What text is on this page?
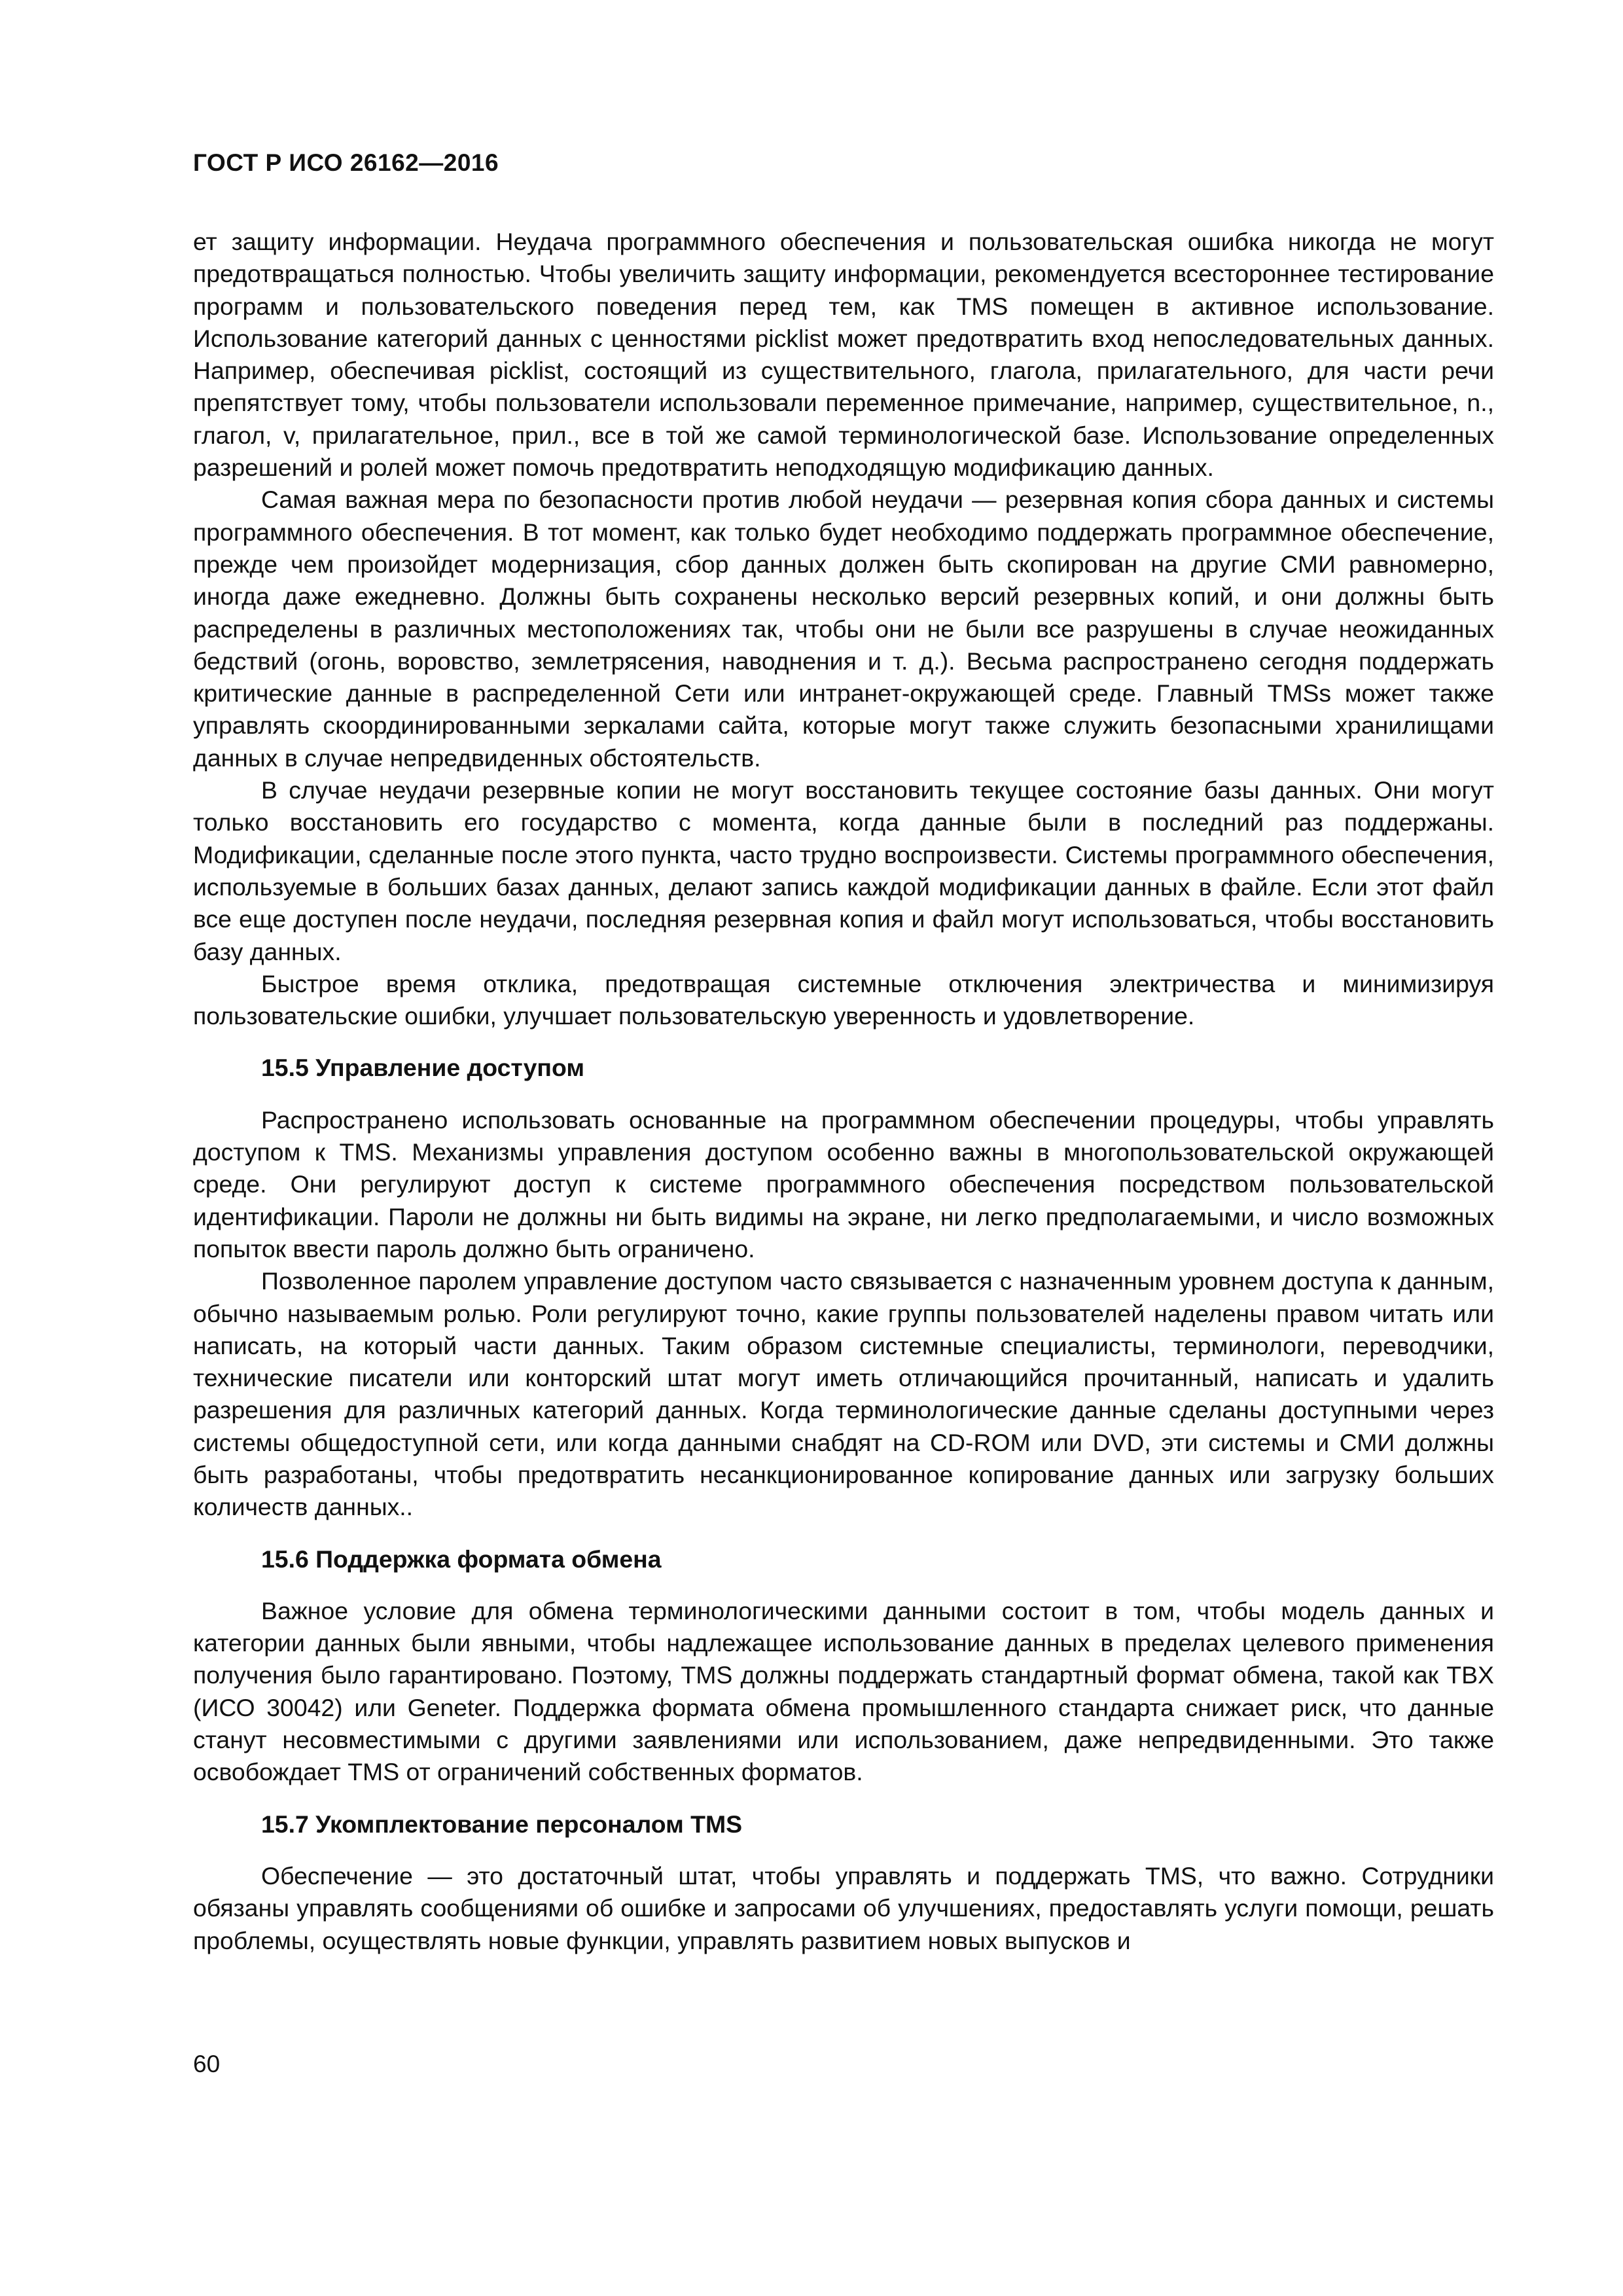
ГОСТ Р ИСО 26162—2016

ет защиту информации. Неудача программного обеспечения и пользовательская ошибка никогда не могут предотвращаться полностью. Чтобы увеличить защиту информации, рекомендуется всестороннее тестирование программ и пользовательского поведения перед тем, как TMS помещен в активное использование. Использование категорий данных с ценностями picklist может предотвратить вход непоследовательных данных. Например, обеспечивая picklist, состоящий из существительного, глагола, прилагательного, для части речи препятствует тому, чтобы пользователи использовали переменное примечание, например, существительное, n., глагол, v, прилагательное, прил., все в той же самой терминологической базе. Использование определенных разрешений и ролей может помочь предотвратить неподходящую модификацию данных.

Самая важная мера по безопасности против любой неудачи — резервная копия сбора данных и системы программного обеспечения. В тот момент, как только будет необходимо поддержать программное обеспечение, прежде чем произойдет модернизация, сбор данных должен быть скопирован на другие СМИ равномерно, иногда даже ежедневно. Должны быть сохранены несколько версий резервных копий, и они должны быть распределены в различных местоположениях так, чтобы они не были все разрушены в случае неожиданных бедствий (огонь, воровство, землетрясения, наводнения и т. д.). Весьма распространено сегодня поддержать критические данные в распределенной Сети или интранет-окружающей среде. Главный TMSs может также управлять скоординированными зеркалами сайта, которые могут также служить безопасными хранилищами данных в случае непредвиденных обстоятельств.

В случае неудачи резервные копии не могут восстановить текущее состояние базы данных. Они могут только восстановить его государство с момента, когда данные были в последний раз поддержаны. Модификации, сделанные после этого пункта, часто трудно воспроизвести. Системы программного обеспечения, используемые в больших базах данных, делают запись каждой модификации данных в файле. Если этот файл все еще доступен после неудачи, последняя резервная копия и файл могут использоваться, чтобы восстановить базу данных.

Быстрое время отклика, предотвращая системные отключения электричества и минимизируя пользовательские ошибки, улучшает пользовательскую уверенность и удовлетворение.

15.5 Управление доступом

Распространено использовать основанные на программном обеспечении процедуры, чтобы управлять доступом к TMS. Механизмы управления доступом особенно важны в многопользовательской окружающей среде. Они регулируют доступ к системе программного обеспечения посредством пользовательской идентификации. Пароли не должны ни быть видимы на экране, ни легко предполагаемыми, и число возможных попыток ввести пароль должно быть ограничено.

Позволенное паролем управление доступом часто связывается с назначенным уровнем доступа к данным, обычно называемым ролью. Роли регулируют точно, какие группы пользователей наделены правом читать или написать, на который части данных. Таким образом системные специалисты, терминологи, переводчики, технические писатели или конторский штат могут иметь отличающийся прочитанный, написать и удалить разрешения для различных категорий данных. Когда терминологические данные сделаны доступными через системы общедоступной сети, или когда данными снабдят на CD-ROM или DVD, эти системы и СМИ должны быть разработаны, чтобы предотвратить несанкционированное копирование данных или загрузку больших количеств данных..

15.6 Поддержка формата обмена

Важное условие для обмена терминологическими данными состоит в том, чтобы модель данных и категории данных были явными, чтобы надлежащее использование данных в пределах целевого применения получения было гарантировано. Поэтому, TMS должны поддержать стандартный формат обмена, такой как TBX (ИСО 30042) или Geneter. Поддержка формата обмена промышленного стандарта снижает риск, что данные станут несовместимыми с другими заявлениями или использованием, даже непредвиденными. Это также освобождает TMS от ограничений собственных форматов.

15.7 Укомплектование персоналом TMS

Обеспечение — это достаточный штат, чтобы управлять и поддержать TMS, что важно. Сотрудники обязаны управлять сообщениями об ошибке и запросами об улучшениях, предоставлять услуги помощи, решать проблемы, осуществлять новые функции, управлять развитием новых выпусков и

60
